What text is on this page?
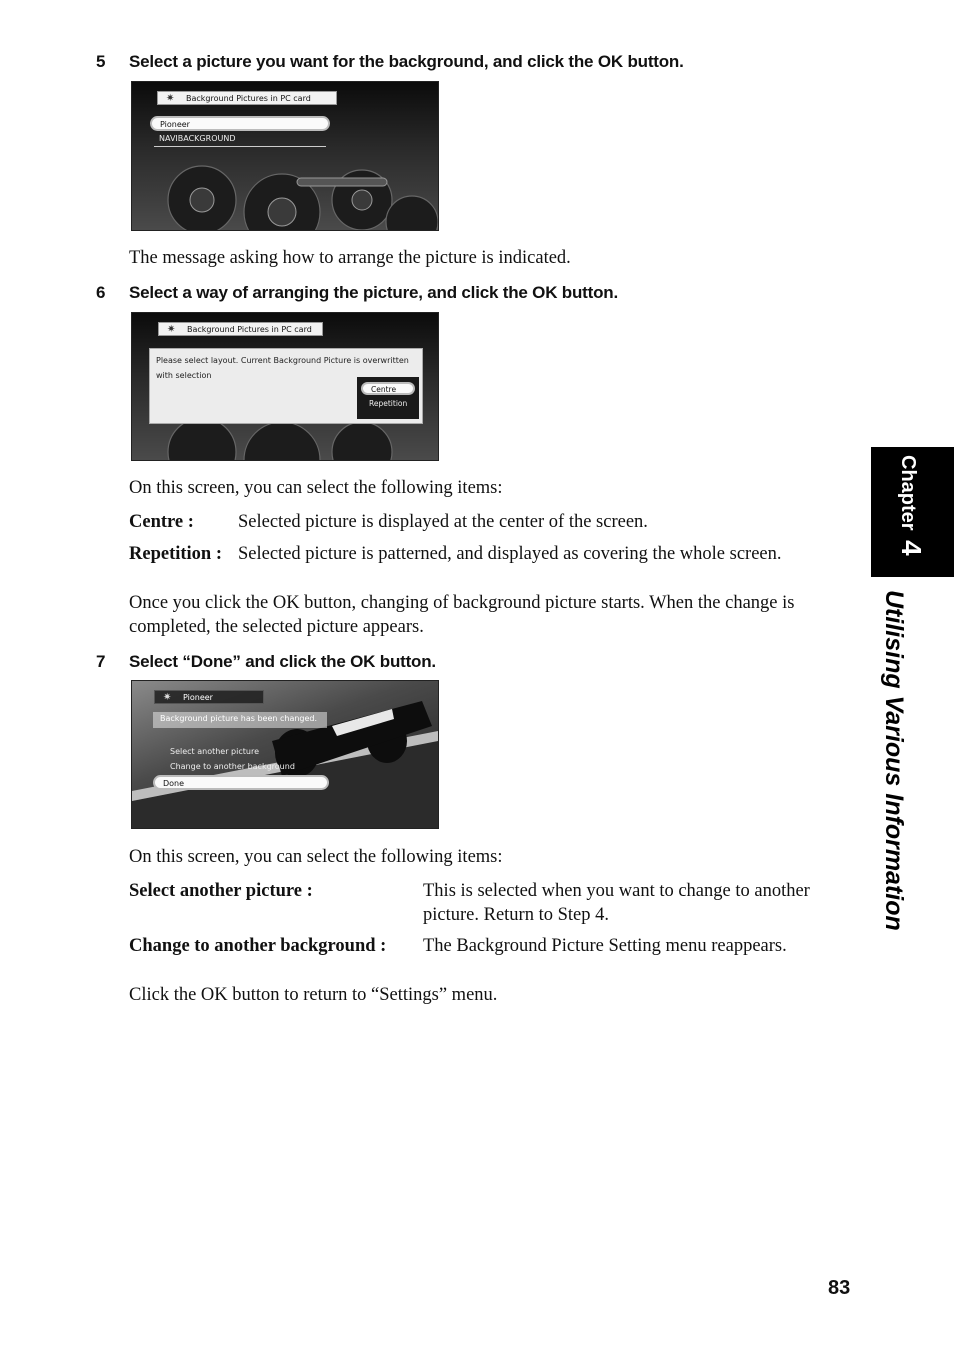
5 Select a picture you want for the background, and click the OK button.
✷ Background Pictures in PC card
Pioneer
NAVIBACKGROUND
The message asking how to arrange the picture is indicated.
6 Select a way of arranging the picture, and click the OK button.
✷ Background Pictures in PC card
Please select layout. Current Background Picture is overwritten
with selection
Centre
Repetition
On this screen, you can select the following items:
Centre : Selected picture is displayed at the center of the screen.
Repetition : Selected picture is patterned, and displayed as covering the whole screen.
Once you click the OK button, changing of background picture starts. When the change is
completed, the selected picture appears.
7 Select “Done” and click the OK button.
✷ Pioneer
Background picture has been changed.
Select another picture
Change to another background
Done
On this screen, you can select the following items:
Select another picture :	This is selected when you want to change to another
picture. Return to Step 4.
Change to another background : The Background Picture Setting menu reappears.
Click the OK button to return to “Settings” menu.
Chapter 4
Utilising Various Information
83
